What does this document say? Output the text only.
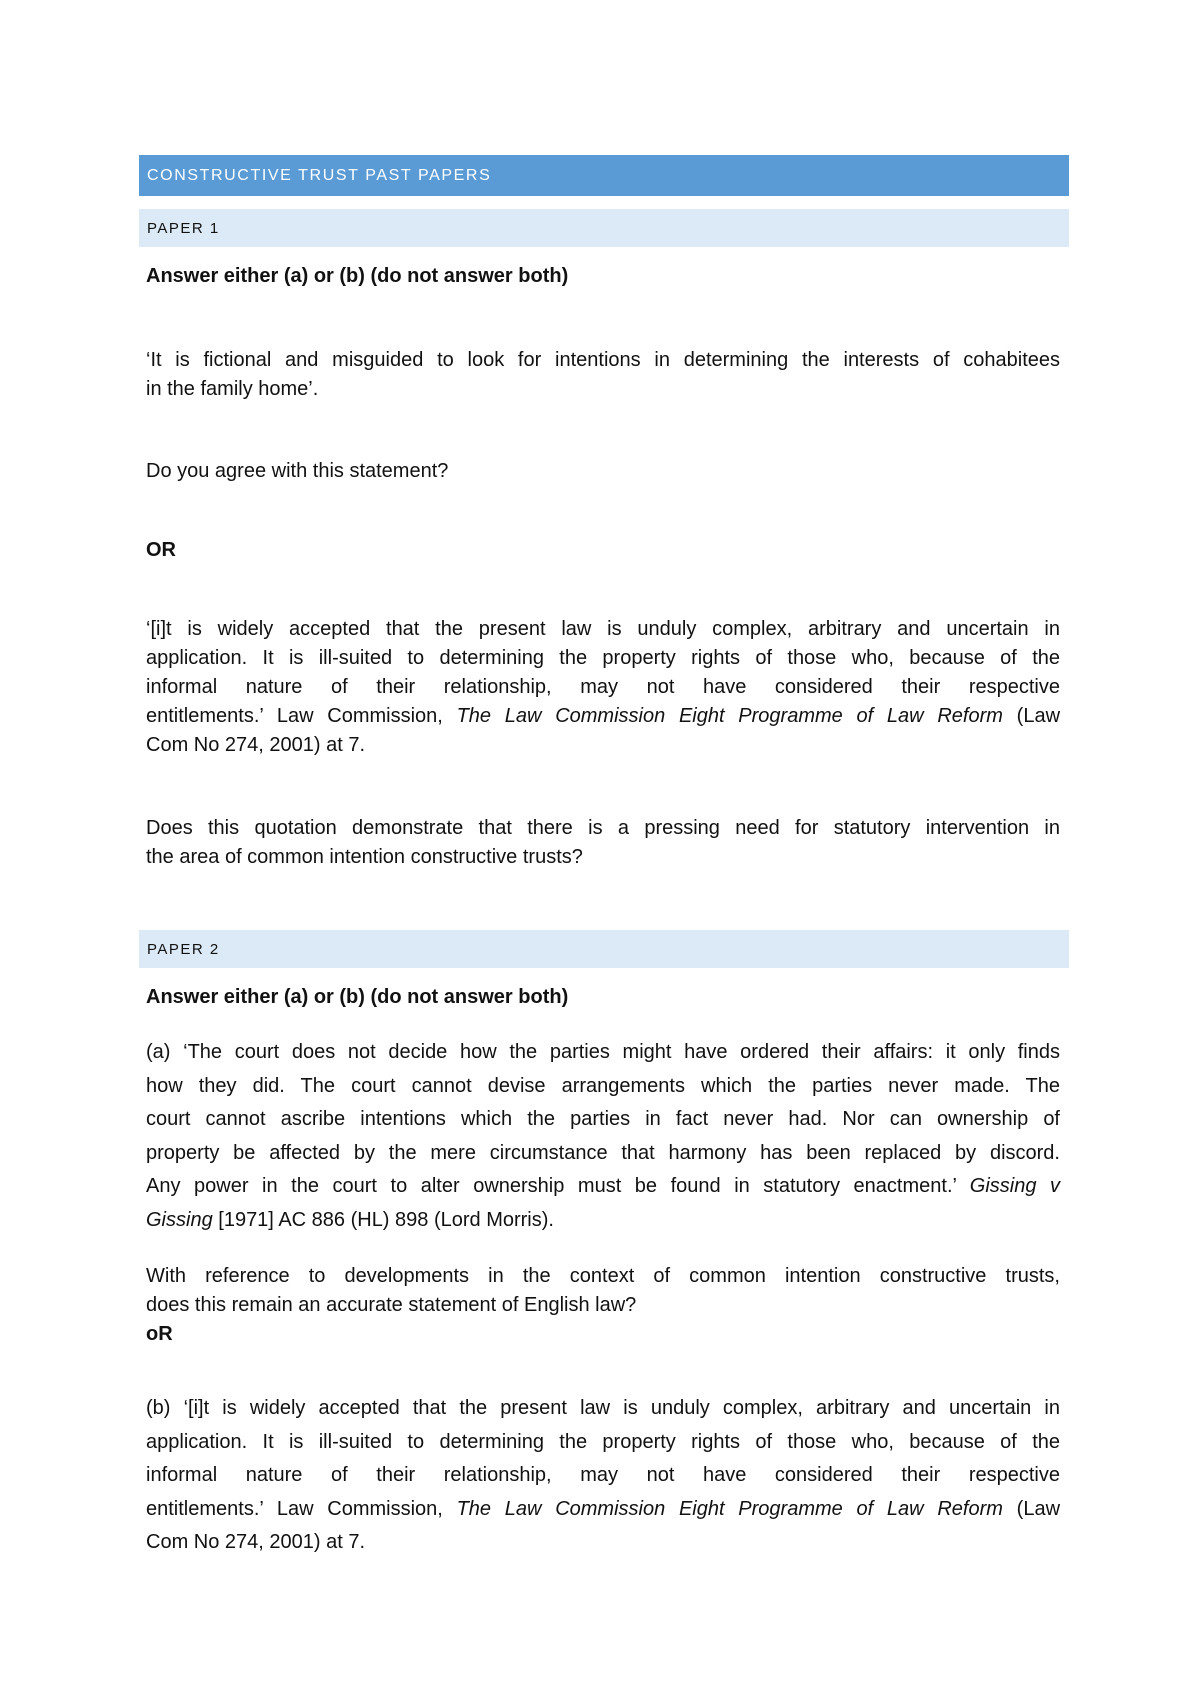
CONSTRUCTIVE TRUST PAST PAPERS
PAPER 1

Answer either (a) or (b) (do not answer both)

‘It is fictional and misguided to look for intentions in determining the interests of cohabitees
in the family home’.

Do you agree with this statement?

OR

‘[i]t is widely accepted that the present law is unduly complex, arbitrary and uncertain in
application. It is ill-suited to determining the property rights of those who, because of the
informal nature of their relationship, may not have considered their respective
entitlements.’ Law Commission, The Law Commission Eight Programme of Law Reform (Law
Com No 274, 2001) at 7.
Does this quotation demonstrate that there is a pressing need for statutory intervention in
the area of common intention constructive trusts?
PAPER 2

Answer either (a) or (b) (do not answer both)

(a) ‘The court does not decide how the parties might have ordered their affairs: it only finds
how they did. The court cannot devise arrangements which the parties never made. The
court cannot ascribe intentions which the parties in fact never had. Nor can ownership of
property be affected by the mere circumstance that harmony has been replaced by discord.
Any power in the court to alter ownership must be found in statutory enactment.’ Gissing v
Gissing [1971] AC 886 (HL) 898 (Lord Morris).
With reference to developments in the context of common intention constructive trusts,
does this remain an accurate statement of English law?
oR
(b) ‘[i]t is widely accepted that the present law is unduly complex, arbitrary and uncertain in
application. It is ill-suited to determining the property rights of those who, because of the
informal nature of their relationship, may not have considered their respective
entitlements.’ Law Commission, The Law Commission Eight Programme of Law Reform (Law
Com No 274, 2001) at 7.
